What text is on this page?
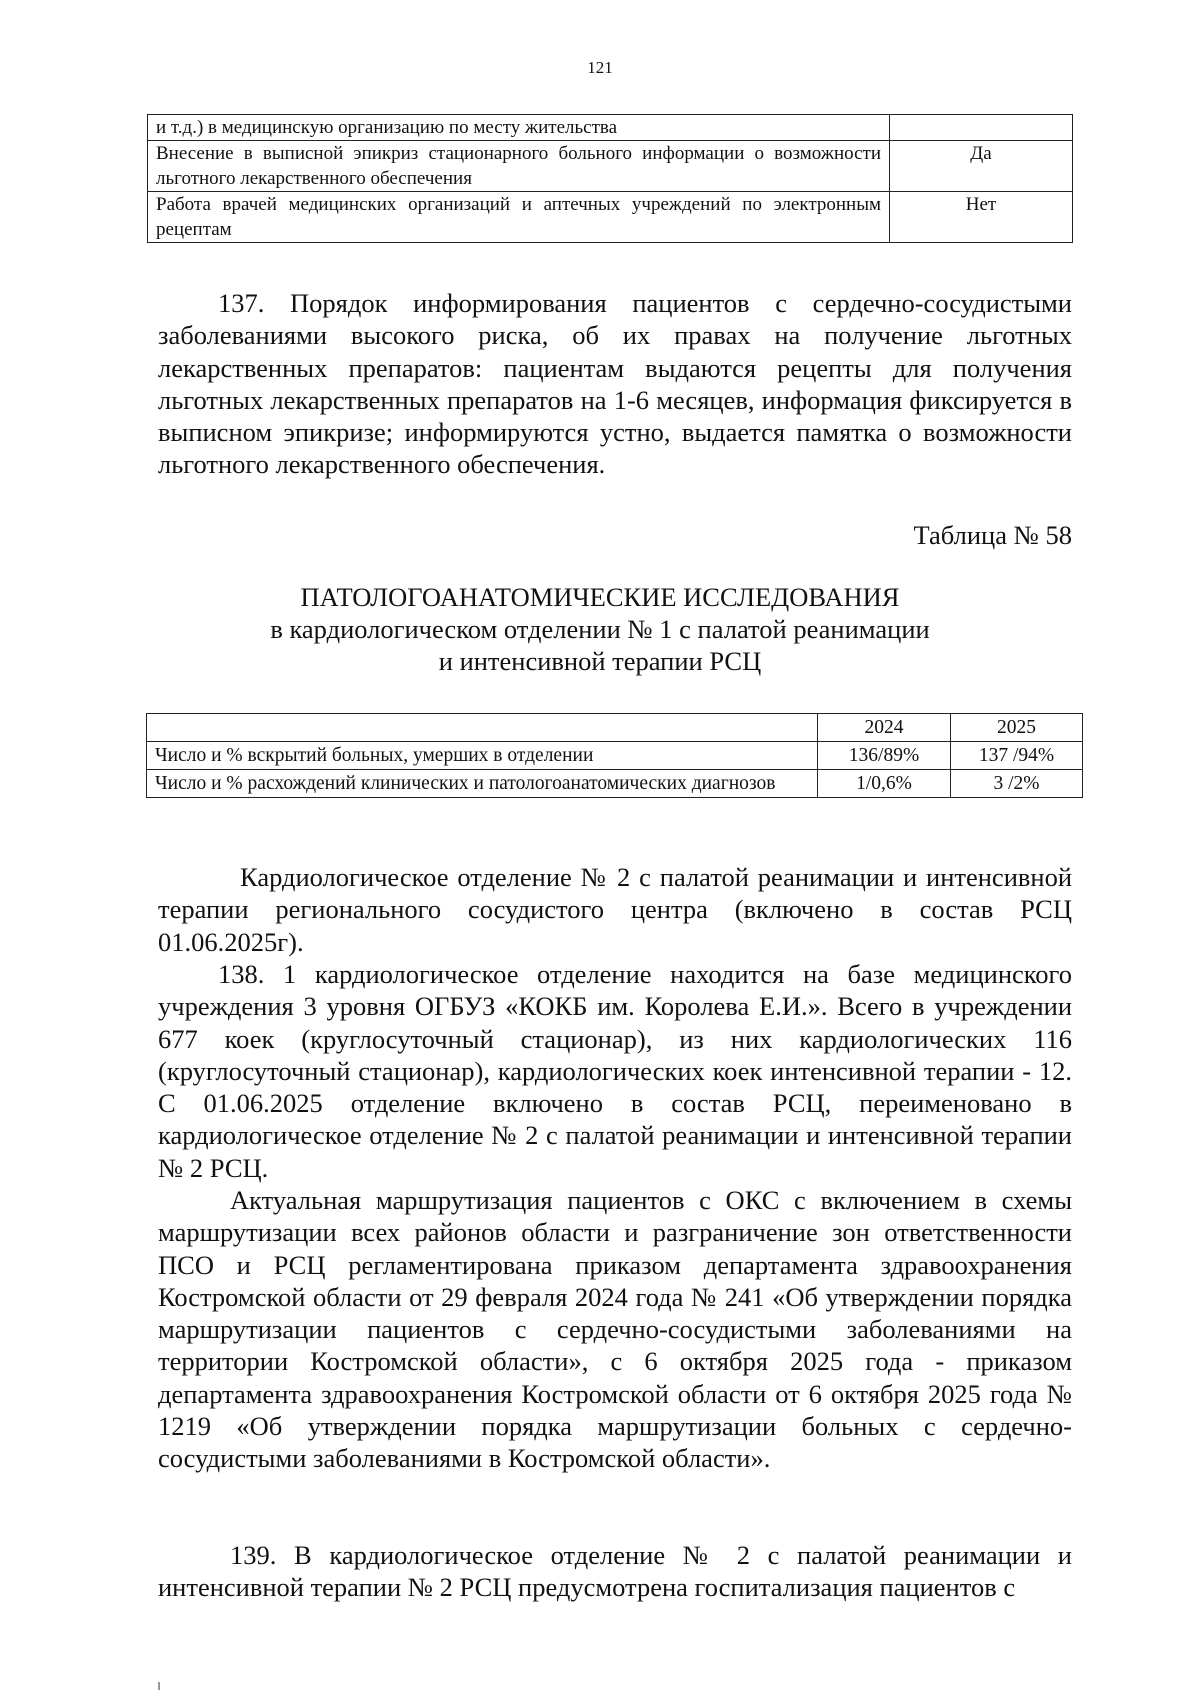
121
и т.д.) в медицинскую организацию по месту жительства	
Внесение в выписной эпикриз стационарного больного информации о возможности льготного лекарственного обеспечения	Да
Работа врачей медицинских организаций и аптечных учреждений по электронным рецептам	Нет

137. Порядок информирования пациентов с сердечно-сосудистыми заболеваниями высокого риска, об их правах на получение льготных лекарственных препаратов: пациентам выдаются рецепты для получения льготных лекарственных препаратов на 1-6 месяцев, информация фиксируется в выписном эпикризе; информируются устно, выдается памятка о возможности льготного лекарственного обеспечения.

Таблица № 58
ПАТОЛОГОАНАТОМИЧЕСКИЕ ИССЛЕДОВАНИЯ
в кардиологическом отделении № 1 с палатой реанимации
и интенсивной терапии РСЦ
	2024	2025
Число и % вскрытий больных, умерших в отделении	136/89%	137 /94%
Число и % расхождений клинических и патологоанатомических диагнозов	1/0,6%	3 /2%

Кардиологическое отделение № 2 с палатой реанимации и интенсивной терапии регионального сосудистого центра (включено в состав РСЦ 01.06.2025г).

138. 1 кардиологическое отделение находится на базе медицинского учреждения 3 уровня ОГБУЗ «КОКБ им. Королева Е.И.». Всего в учреждении 677 коек (круглосуточный стационар), из них кардиологических 116 (круглосуточный стационар), кардиологических коек интенсивной терапии - 12. С 01.06.2025 отделение включено в состав РСЦ, переименовано в кардиологическое отделение № 2 с палатой реанимации и интенсивной терапии № 2 РСЦ.

Актуальная маршрутизация пациентов с ОКС с включением в схемы маршрутизации всех районов области и разграничение зон ответственности ПСО и РСЦ регламентирована приказом департамента здравоохранения Костромской области от 29 февраля 2024 года № 241 «Об утверждении порядка маршрутизации пациентов с сердечно-сосудистыми заболеваниями на территории Костромской области», с 6 октября 2025 года - приказом департамента здравоохранения Костромской области от 6 октября 2025 года № 1219 «Об утверждении порядка маршрутизации больных с сердечно-сосудистыми заболеваниями в Костромской области».

139. В кардиологическое отделение № 2 с палатой реанимации и интенсивной терапии № 2 РСЦ предусмотрена госпитализация пациентов с
